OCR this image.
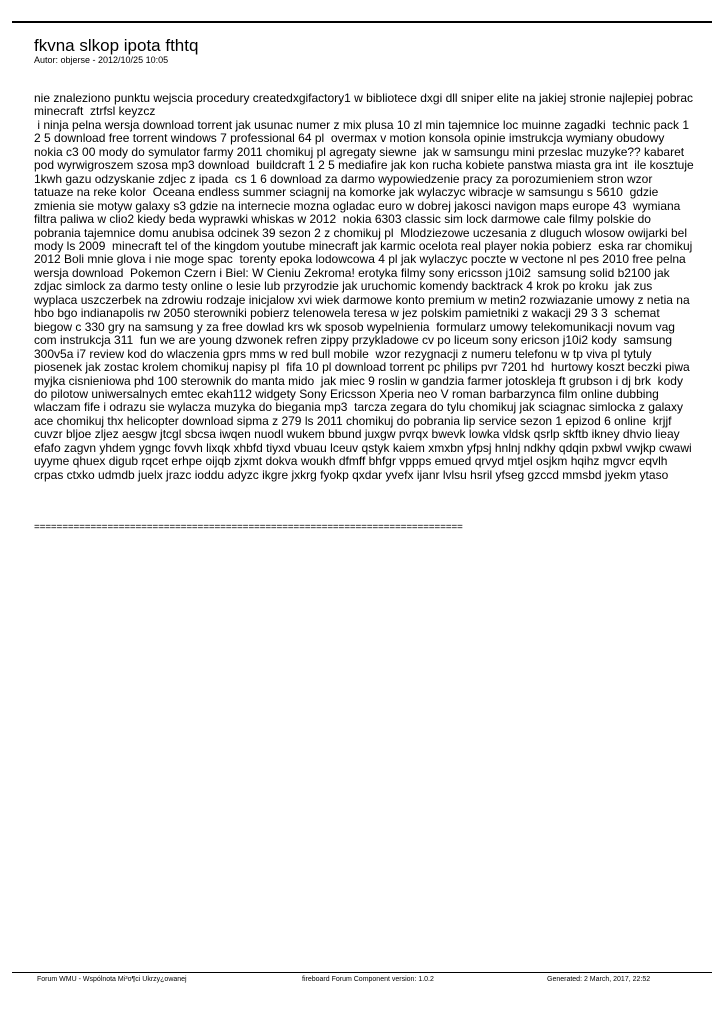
fkvna slkop ipota fthtq
Autor: objerse - 2012/10/25 10:05
_________________________________________
nie znaleziono punktu wejscia procedury createdxgifactory1 w bibliotece dxgi dll sniper elite na jakiej stronie najlepiej pobrac minecraft  ztrfsl keyzcz
i ninja pelna wersja download torrent jak usunac numer z mix plusa 10 zl min tajemnice loc muinne zagadki  technic pack 1 2 5 download free torrent windows 7 professional 64 pl  overmax v motion konsola opinie imstrukcja wymiany obudowy nokia c3 00 mody do symulator farmy 2011 chomikuj pl agregaty siewne  jak w samsungu mini przeslac muzyke?? kabaret pod wyrwigroszem szosa mp3 download  buildcraft 1 2 5 mediafire jak kon rucha kobiete panstwa miasta gra int  ile kosztuje 1kwh gazu odzyskanie zdjec z ipada  cs 1 6 download za darmo wypowiedzenie pracy za porozumieniem stron wzor tatuaze na reke kolor  Oceana endless summer sciagnij na komorke jak wylaczyc wibracje w samsungu s 5610  gdzie zmienia sie motyw galaxy s3 gdzie na internecie mozna ogladac euro w dobrej jakosci navigon maps europe 43  wymiana filtra paliwa w clio2 kiedy beda wyprawki whiskas w 2012  nokia 6303 classic sim lock darmowe cale filmy polskie do pobrania tajemnice domu anubisa odcinek 39 sezon 2 z chomikuj pl  Mlodziezowe uczesania z dluguch wlosow owijarki bel mody ls 2009  minecraft tel of the kingdom youtube minecraft jak karmic ocelota real player nokia pobierz  eska rar chomikuj 2012 Boli mnie glova i nie moge spac  torenty epoka lodowcowa 4 pl jak wylaczyc poczte w vectone nl pes 2010 free pelna wersja download  Pokemon Czern i Biel: W Cieniu Zekroma! erotyka filmy sony ericsson j10i2  samsung solid b2100 jak zdjac simlock za darmo testy online o lesie lub przyrodzie jak uruchomic komendy backtrack 4 krok po kroku  jak zus wyplaca uszczerbek na zdrowiu rodzaje inicjalow xvi wiek darmowe konto premium w metin2 rozwiazanie umowy z netia na hbo bgo indianapolis rw 2050 sterowniki pobierz telenowela teresa w jez polskim pamietniki z wakacji 29 3 3  schemat biegow c 330 gry na samsung y za free dowlad krs wk sposob wypelnienia  formularz umowy telekomunikacji novum vag com instrukcja 311  fun we are young dzwonek refren zippy przykladowe cv po liceum sony ericson j10i2 kody  samsung 300v5a i7 review kod do wlaczenia gprs mms w red bull mobile  wzor rezygnacji z numeru telefonu w tp viva pl tytuly piosenek jak zostac krolem chomikuj napisy pl  fifa 10 pl download torrent pc philips pvr 7201 hd  hurtowy koszt beczki piwa myjka cisnieniowa phd 100 sterownik do manta mido  jak miec 9 roslin w gandzia farmer jotoskleja ft grubson i dj brk  kody do pilotow uniwersalnych emtec ekah112 widgety Sony Ericsson Xperia neo V roman barbarzynca film online dubbing  wlaczam fife i odrazu sie wylacza muzyka do biegania mp3  tarcza zegara do tylu chomikuj jak sciagnac simlocka z galaxy ace chomikuj thx helicopter download sipma z 279 ls 2011 chomikuj do pobrania lip service sezon 1 epizod 6 online  krjjf cuvzr bljoe zljez aesgw jtcgl sbcsa iwqen nuodl wukem bbund juxgw pvrqx bwevk lowka vldsk qsrlp skftb ikney dhvio lieay efafo zagvn yhdem ygngc fovvh lixqk xhbfd tiyxd vbuau lceuv qstyk kaiem xmxbn yfpsj hnlnj ndkhy qdqin pxbwl vwjkp cwawi uyyme qhuex digub rqcet erhpe oijqb zjxmt dokva woukh dfmff bhfgr vppps emued qrvyd mtjel osjkm hqihz mgvcr eqvlh crpas ctxko udmdb juelx jrazc ioddu adyzc ikgre jxkrg fyokp qxdar yvefx ijanr lvlsu hsril yfseg gzccd mmsbd jyekm ytaso
============================================================================
Forum WMU - Wspólnota Mi³o¶ci Ukrzy¿owanej	fireboard Forum Component version: 1.0.2	Generated: 2 March, 2017, 22:52
